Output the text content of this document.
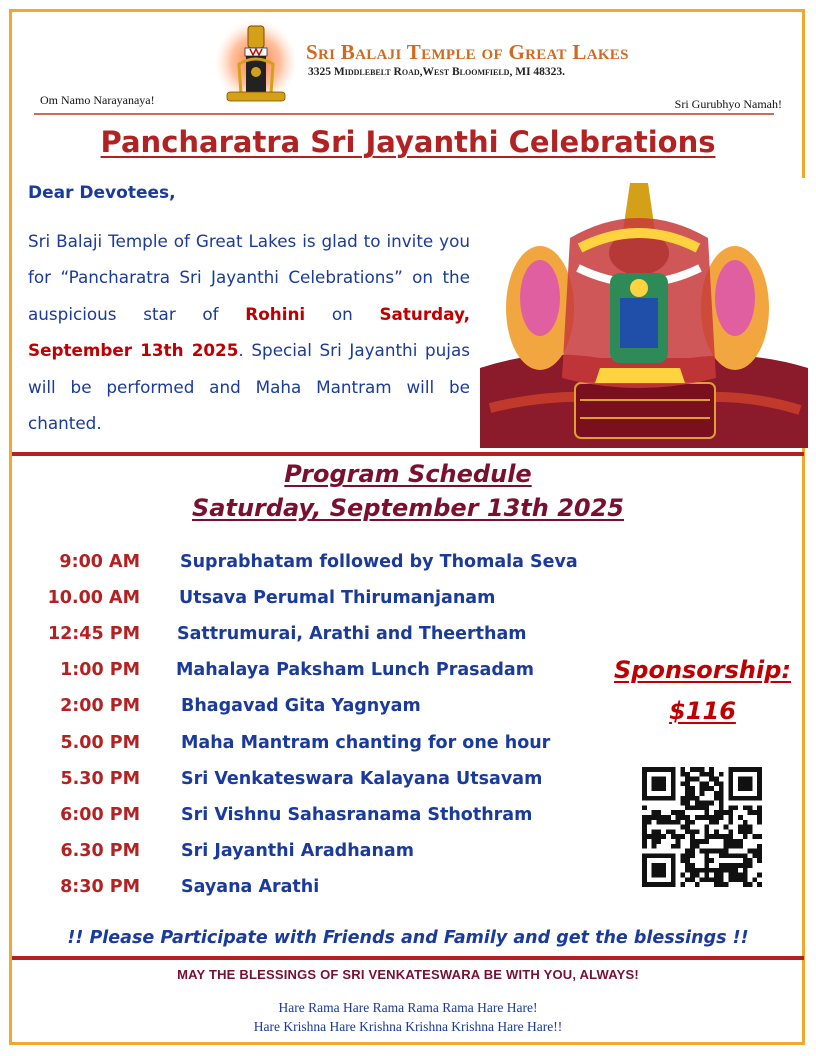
Sri Balaji Temple of Great Lakes
3325 Middlebelt Road,West Bloomfield, MI 48323.
Om Namo Narayanaya!	Sri Gurubhyo Namah!
Pancharatra Sri Jayanthi Celebrations
Dear Devotees,
Sri Balaji Temple of Great Lakes is glad to invite you for “Pancharatra Sri Jayanthi Celebrations” on the auspicious star of Rohini on Saturday, September 13th 2025. Special Sri Jayanthi pujas will be performed and Maha Mantram will be chanted.
Program Schedule
Saturday, September 13th 2025
9:00 AM Suprabhatam followed by Thomala Seva
10.00 AM Utsava Perumal Thirumanjanam
12:45 PM Sattrumurai, Arathi and Theertham
1:00 PM Mahalaya Paksham Lunch Prasadam
2:00 PM Bhagavad Gita Yagnyam
5.00 PM Maha Mantram chanting for one hour
5.30 PM Sri Venkateswara Kalayana Utsavam
6:00 PM Sri Vishnu Sahasranama Sthothram
6.30 PM Sri Jayanthi Aradhanam
8:30 PM Sayana Arathi
Sponsorship:
$116
!! Please Participate with Friends and Family and get the blessings !!
MAY THE BLESSINGS OF SRI VENKATESWARA BE WITH YOU, ALWAYS!
Hare Rama Hare Rama Rama Rama Hare Hare!
Hare Krishna Hare Krishna Krishna Krishna Hare Hare!!
